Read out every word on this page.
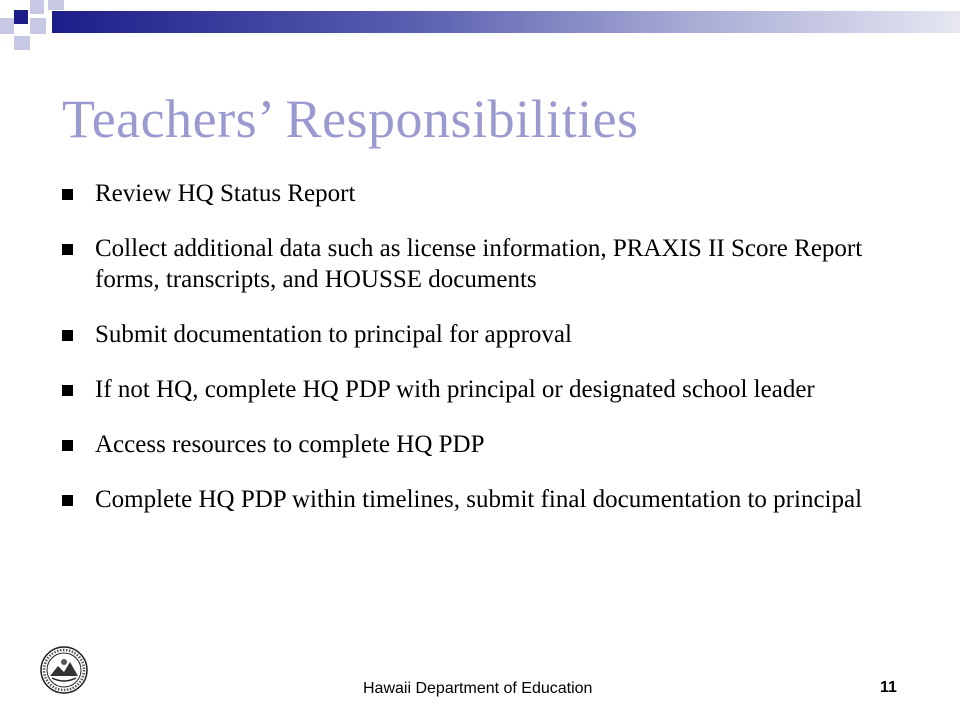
Teachers’ Responsibilities
Review HQ Status Report
Collect additional data such as license information, PRAXIS II Score Report forms, transcripts, and HOUSSE documents
Submit documentation to principal for approval
If not HQ, complete HQ PDP with principal or designated school leader
Access resources to complete HQ PDP
Complete HQ PDP within timelines, submit final documentation to principal
Hawaii Department of Education	11
